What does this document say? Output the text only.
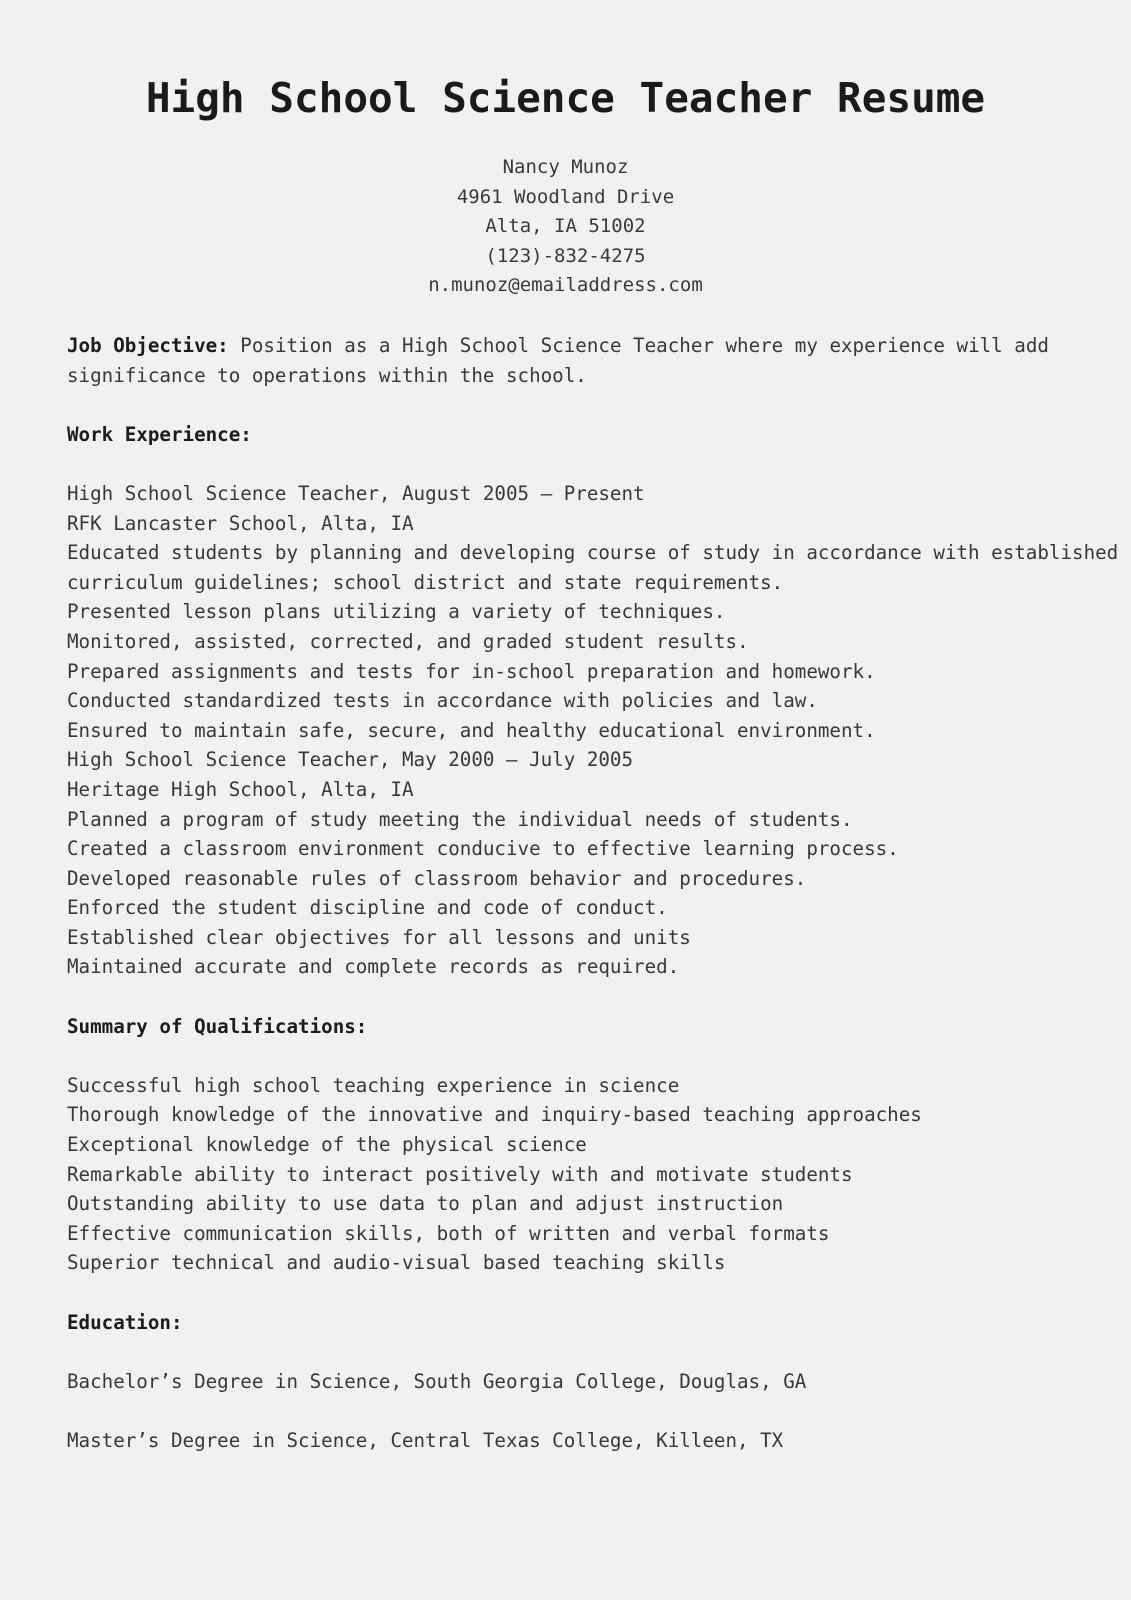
High School Science Teacher Resume
Nancy Munoz
4961 Woodland Drive
Alta, IA 51002
(123)-832-4275
n.munoz@emailaddress.com
Job Objective: Position as a High School Science Teacher where my experience will add
significance to operations within the school.
Work Experience:
High School Science Teacher, August 2005 – Present
RFK Lancaster School, Alta, IA
Educated students by planning and developing course of study in accordance with established
curriculum guidelines; school district and state requirements.
Presented lesson plans utilizing a variety of techniques.
Monitored, assisted, corrected, and graded student results.
Prepared assignments and tests for in-school preparation and homework.
Conducted standardized tests in accordance with policies and law.
Ensured to maintain safe, secure, and healthy educational environment.
High School Science Teacher, May 2000 – July 2005
Heritage High School, Alta, IA
Planned a program of study meeting the individual needs of students.
Created a classroom environment conducive to effective learning process.
Developed reasonable rules of classroom behavior and procedures.
Enforced the student discipline and code of conduct.
Established clear objectives for all lessons and units
Maintained accurate and complete records as required.
Summary of Qualifications:
Successful high school teaching experience in science
Thorough knowledge of the innovative and inquiry-based teaching approaches
Exceptional knowledge of the physical science
Remarkable ability to interact positively with and motivate students
Outstanding ability to use data to plan and adjust instruction
Effective communication skills, both of written and verbal formats
Superior technical and audio-visual based teaching skills
Education:
Bachelor’s Degree in Science, South Georgia College, Douglas, GA
Master’s Degree in Science, Central Texas College, Killeen, TX
